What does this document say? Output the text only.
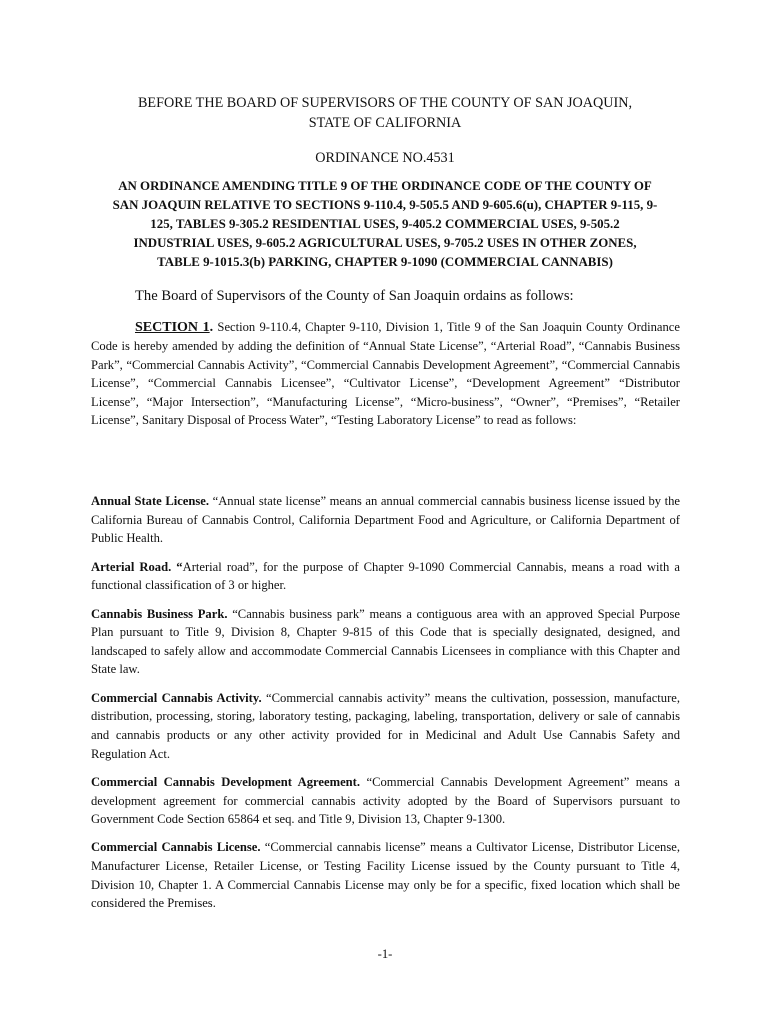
BEFORE THE BOARD OF SUPERVISORS OF THE COUNTY OF SAN JOAQUIN,
STATE OF CALIFORNIA
ORDINANCE NO.4531
AN ORDINANCE AMENDING TITLE 9 OF THE ORDINANCE CODE OF THE COUNTY OF
SAN JOAQUIN RELATIVE TO SECTIONS 9-110.4, 9-505.5 AND 9-605.6(u), CHAPTER 9-115, 9-
125, TABLES 9-305.2 RESIDENTIAL USES, 9-405.2 COMMERCIAL USES, 9-505.2
INDUSTRIAL USES, 9-605.2 AGRICULTURAL USES, 9-705.2 USES IN OTHER ZONES,
TABLE 9-1015.3(b) PARKING, CHAPTER 9-1090 (COMMERCIAL CANNABIS)
The Board of Supervisors of the County of San Joaquin ordains as follows:
SECTION 1. Section 9-110.4, Chapter 9-110, Division 1, Title 9 of the San Joaquin County Ordinance Code is hereby amended by adding the definition of “Annual State License”, “Arterial Road”, “Cannabis Business Park”, “Commercial Cannabis Activity”, “Commercial Cannabis Development Agreement”, “Commercial Cannabis License”, “Commercial Cannabis Licensee”, “Cultivator License”, “Development Agreement” “Distributor License”, “Major Intersection”, “Manufacturing License”, “Micro-business”, “Owner”, “Premises”, “Retailer License”, Sanitary Disposal of Process Water”, “Testing Laboratory License” to read as follows:

Annual State License. “Annual state license” means an annual commercial cannabis business license issued by the California Bureau of Cannabis Control, California Department Food and Agriculture, or California Department of Public Health.

Arterial Road. “Arterial road”, for the purpose of Chapter 9-1090 Commercial Cannabis, means a road with a functional classification of 3 or higher.

Cannabis Business Park. “Cannabis business park” means a contiguous area with an approved Special Purpose Plan pursuant to Title 9, Division 8, Chapter 9-815 of this Code that is specially designated, designed, and landscaped to safely allow and accommodate Commercial Cannabis Licensees in compliance with this Chapter and State law.

Commercial Cannabis Activity. “Commercial cannabis activity” means the cultivation, possession, manufacture, distribution, processing, storing, laboratory testing, packaging, labeling, transportation, delivery or sale of cannabis and cannabis products or any other activity provided for in Medicinal and Adult Use Cannabis Safety and Regulation Act.

Commercial Cannabis Development Agreement. “Commercial Cannabis Development Agreement” means a development agreement for commercial cannabis activity adopted by the Board of Supervisors pursuant to Government Code Section 65864 et seq. and Title 9, Division 13, Chapter 9-1300.

Commercial Cannabis License. “Commercial cannabis license” means a Cultivator License, Distributor License, Manufacturer License, Retailer License, or Testing Facility License issued by the County pursuant to Title 4, Division 10, Chapter 1. A Commercial Cannabis License may only be for a specific, fixed location which shall be considered the Premises.

-1-
